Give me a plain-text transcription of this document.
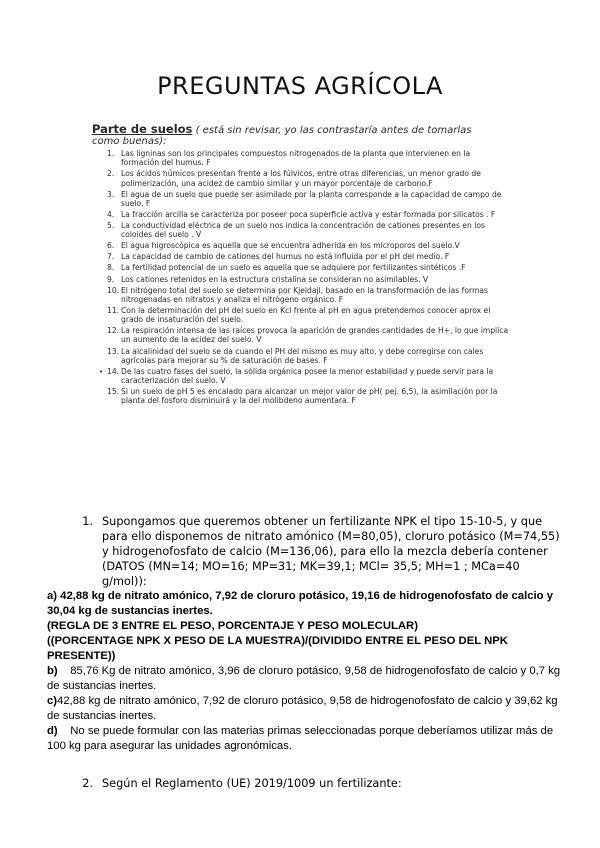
PREGUNTAS AGRÍCOLA
Parte de suelos ( está sin revisar, yo las contrastaría antes de tomarlas como buenas):
1. Las ligninas son los principales compuestos nitrogenados de la planta que intervienen en la formación del humus. F
2. Los ácidos húmicos presentan frente a los fúlvicos, entre otras diferencias, un menor grado de polimerización, una acidez de cambio similar y un mayor porcentaje de carbono.F
3. El agua de un suelo que puede ser asimilado por la planta corresponde a la capacidad de campo de suelo. F
4. La fracción arcilla se caracteriza por poseer poca superficie activa y estar formada por silicatos . F
5. La conductividad eléctrica de un suelo nos indica la concentración de cationes presentes en los coloides del suelo . V
6. El agua higroscópica es aquella que se encuentra adherida en los microporos del suelo.V
7. La capacidad de cambio de cationes del humus no está influida por el pH del medio. F
8. La fertilidad potencial de un suelo es aquella que se adquiere por fertilizantes sintéticos .F
9. Los cationes retenidos en la estructura cristalina se consideran no asimilables. V
10. El nitrógeno total del suelo se determina por Kjeldajl, basado en la transformación de las formas nitrogenadas en nitratos y analiza el nitrógeno orgánico. F
11. Con la determinación del pH del suelo en Kcl frente al pH en agua pretendemos conocer aprox el grado de insaturación del suelo.
12. La respiración intensa de las raíces provoca la aparición de grandes cantidades de H+, lo que implica un aumento de la acidez del suelo. V
13. La alcalinidad del suelo se da cuando el PH del mismo es muy alto, y debe corregirse con cales agrícolas para mejorar su % de saturación de bases. F
14. De las cuatro fases del suelo, la sólida orgánica posee la menor estabilidad y puede servir para la caracterización del suelo. V
15. Si un suelo de pH 5 es encalado para alcanzar un mejor valor de pH( pej. 6,5), la asimilación por la planta del fosforo disminuirá y la del molibdeno aumentara. F
•
1. Supongamos que queremos obtener un fertilizante NPK el tipo 15-10-5, y que para ello disponemos de nitrato amónico (M=80,05), cloruro potásico (M=74,55) y hidrogenofosfato de calcio (M=136,06), para ello la mezcla debería contener (DATOS (MN=14; MO=16; MP=31; MK=39,1; MCl= 35,5; MH=1 ; MCa=40 g/mol)):
a) 42,88 kg de nitrato amónico, 7,92 de cloruro potásico, 19,16 de hidrogenofosfato de calcio y 30,04 kg de sustancias inertes.
(REGLA DE 3 ENTRE EL PESO, PORCENTAJE Y PESO MOLECULAR)
((PORCENTAGE NPK X PESO DE LA MUESTRA)/(DIVIDIDO ENTRE EL PESO DEL NPK PRESENTE))
b) 85,76 Kg de nitrato amónico, 3,96 de cloruro potásico, 9,58 de hidrogenofosfato de calcio y 0,7 kg de sustancias inertes.
c)42,88 kg de nitrato amónico, 7,92 de cloruro potásico, 9,58 de hidrogenofosfato de calcio y 39,62 kg de sustancias inertes.
d) No se puede formular con las materias primas seleccionadas porque deberíamos utilizar más de 100 kg para asegurar las unidades agronómicas.
2. Según el Reglamento (UE) 2019/1009 un fertilizante:
